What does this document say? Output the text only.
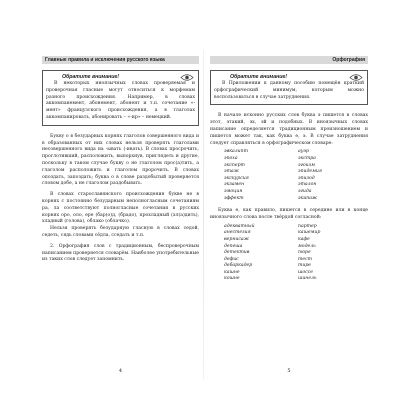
Главные правила и исключения русского языка
Обратите внимание!

В некоторых иноязычных словах проверяемая и проверочная гласные могут относиться к морфемам разного происхождения. Например, в словах аккомпанемент, абонемент, абонент и т.п. сочетание «-мент» французского происхождения, а в глаголах аккомпанировать, абонировать – «-ир» – немецкий.

Букву о в безударных корнях глаголов совершенного вида и в образованных от них словах нельзя проверять глаголами несовершенного вида на -ывать (-ивать). В словах просрочить, проглотивший, расположить, выпорхнув, приглядеть и другие, поскольку в таком случае букву о не глаголом прос(а)тить, а глаголом расположить и глаголом пророчить. В словах опоздать, запоздать; буква о в слове раздобытый проверяется словом добе, а не глаголом раздобывать.

В словах старославянского происхождения букве не в корнях с постоянно безударным неполногласным сочетаниям ра, ла соответствуют полногласные сочетания в русских корнях оро, оло, ере (бар(о)д, (брадо), прохладный (хл(а)дить), хладный (голова), облако (облачко).

Нельзя проверять безударную гласную в словах седой, седеть, сядь словами сёдла, сседать и т.п.

2. Орфография слов с традиционным, беспроверочным написанием проверяется словарём. Наиболее употребительные из таких слов следует запомнить.

4
Орфография
Обратите внимание!

В Приложении к данному пособию помещён краткий орфографический минимум, которым можно воспользоваться в случае затруднения.

В начале исконно русских слов буква э пишется в словах этот, этакий, эх, эй и подобных. В иноязычных словах написание определяется традиционным произношением и пишется может так, как буква е, э. В случае затруднения следует справляться в орфографическом словаре:

эвкалипт
эпоха
эксперт
этаж
экскурсия
экзамен
эмоция
эффект
ауэр
экстра
эгоизм
эпидемия
эпизод
эталон
эгида
экипаж

Буква е, как правило, пишется в середине или в конце иноязычного слова после твёрдой согласной:

адекватный
анестезия
вернисаж
депеша
детектив
дефис
дебаркадер
кашне
кошне
партер
кашемир
кафе
модель
пюре
тест
тире
шоссе
шинель
5
